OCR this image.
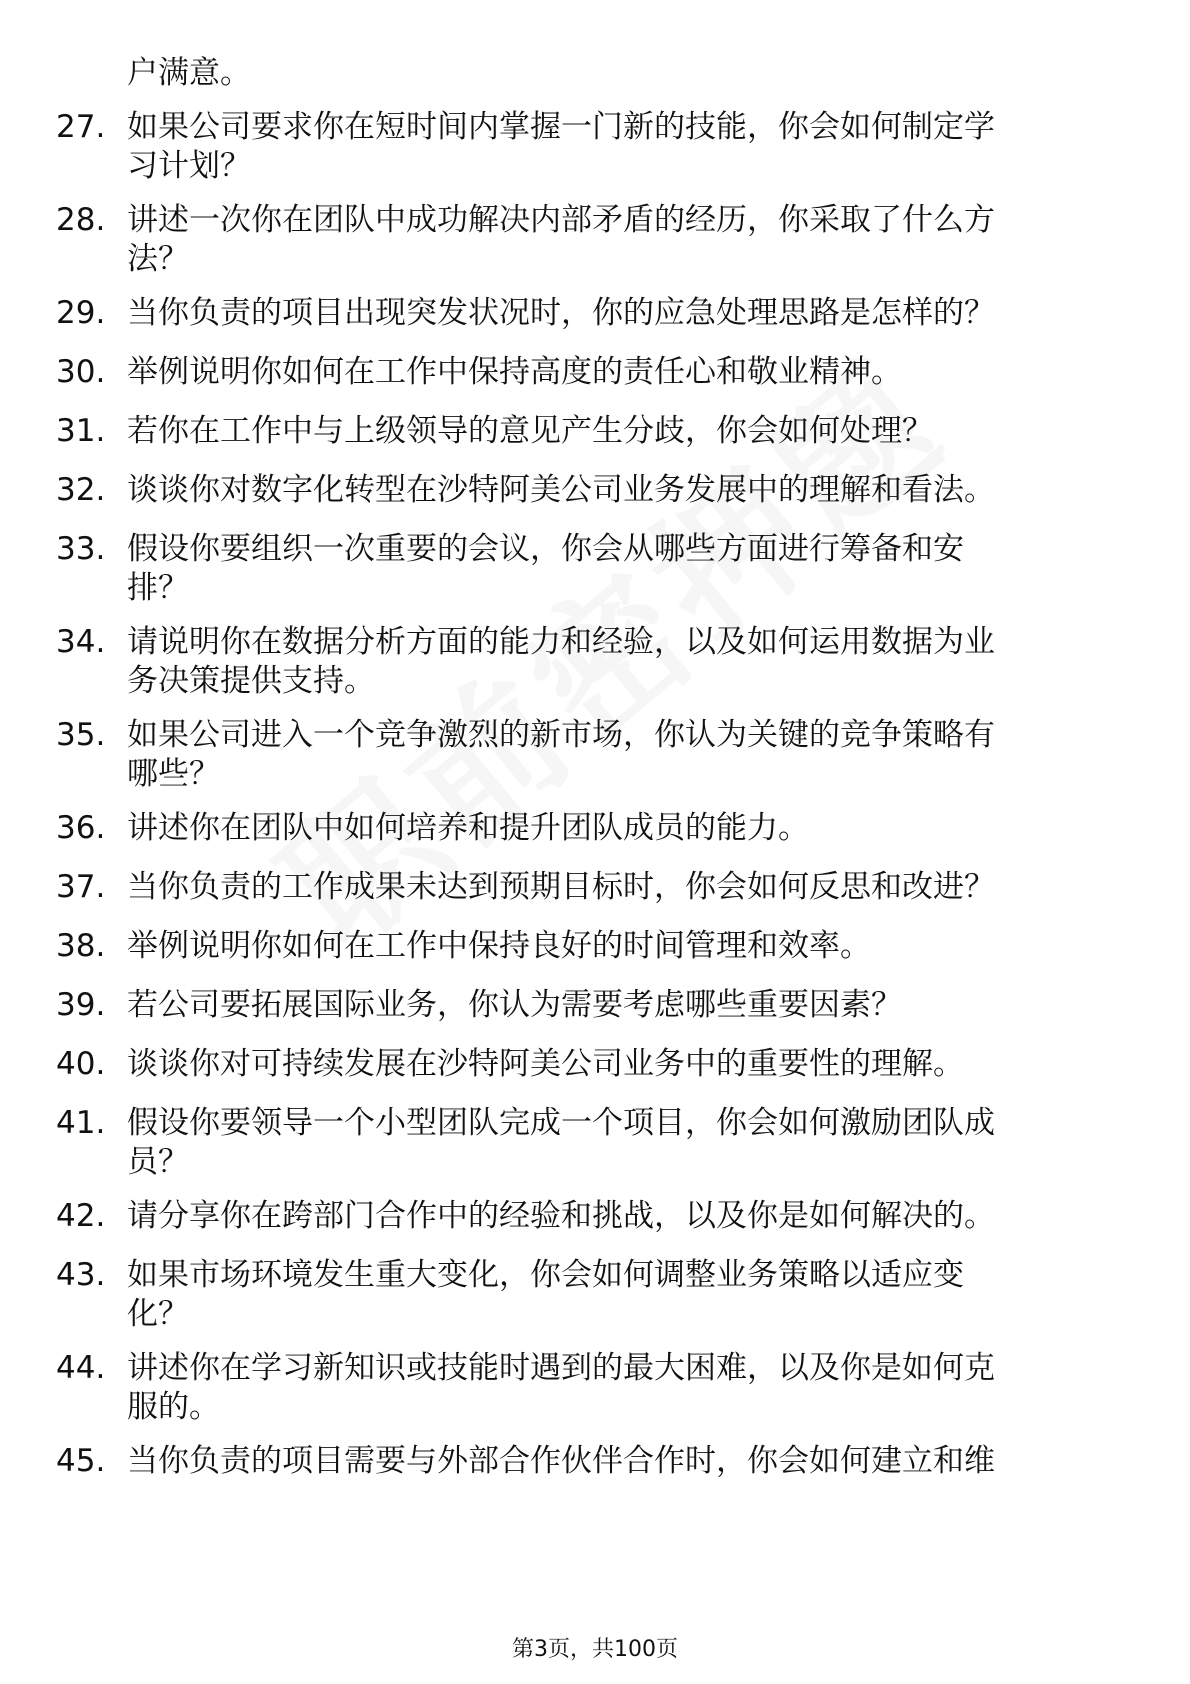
户满意。
27. 如果公司要求你在短时间内掌握一门新的技能，你会如何制定学
习计划？
28. 讲述一次你在团队中成功解决内部矛盾的经历，你采取了什么方
法？
29. 当你负责的项目出现突发状况时，你的应急处理思路是怎样的？
30. 举例说明你如何在工作中保持高度的责任心和敬业精神。
31. 若你在工作中与上级领导的意见产生分歧，你会如何处理？
32. 谈谈你对数字化转型在沙特阿美公司业务发展中的理解和看法。
33. 假设你要组织一次重要的会议，你会从哪些方面进行筹备和安
排？
34. 请说明你在数据分析方面的能力和经验，以及如何运用数据为业
务决策提供支持。
35. 如果公司进入一个竞争激烈的新市场，你认为关键的竞争策略有
哪些？
36. 讲述你在团队中如何培养和提升团队成员的能力。
37. 当你负责的工作成果未达到预期目标时，你会如何反思和改进？
38. 举例说明你如何在工作中保持良好的时间管理和效率。
39. 若公司要拓展国际业务，你认为需要考虑哪些重要因素？
40. 谈谈你对可持续发展在沙特阿美公司业务中的重要性的理解。
41. 假设你要领导一个小型团队完成一个项目，你会如何激励团队成
员？
42. 请分享你在跨部门合作中的经验和挑战，以及你是如何解决的。
43. 如果市场环境发生重大变化，你会如何调整业务策略以适应变
化？
44. 讲述你在学习新知识或技能时遇到的最大困难，以及你是如何克
服的。
45. 当你负责的项目需要与外部合作伙伴合作时，你会如何建立和维
第3页，共100页
